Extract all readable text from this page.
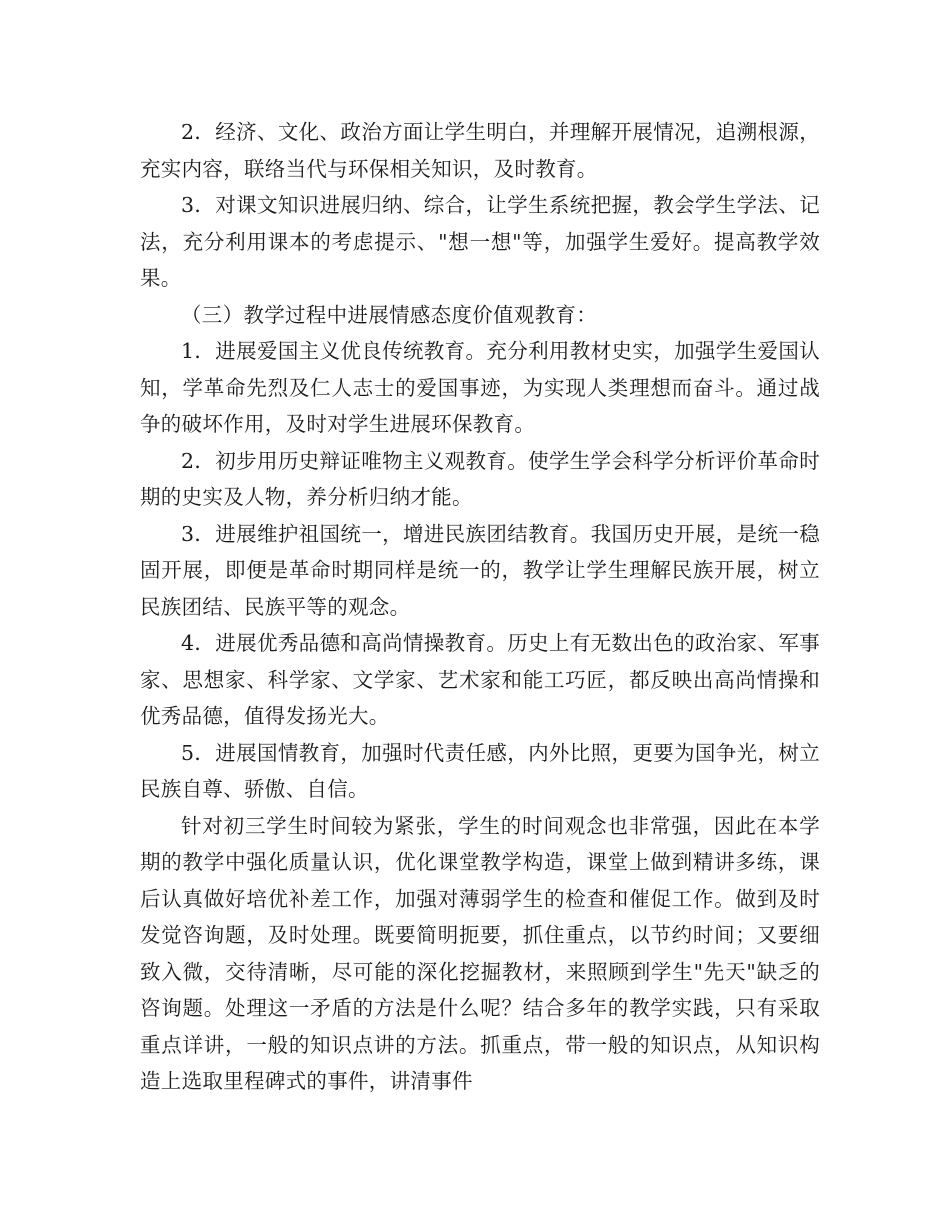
2．经济、文化、政治方面让学生明白，并理解开展情况，追溯根源，充实内容，联络当代与环保相关知识，及时教育。

3．对课文知识进展归纳、综合，让学生系统把握，教会学生学法、记法，充分利用课本的考虑提示、"想一想"等，加强学生爱好。提高教学效果。

（三）教学过程中进展情感态度价值观教育：

1．进展爱国主义优良传统教育。充分利用教材史实，加强学生爱国认知，学革命先烈及仁人志士的爱国事迹，为实现人类理想而奋斗。通过战争的破坏作用，及时对学生进展环保教育。

2．初步用历史辩证唯物主义观教育。使学生学会科学分析评价革命时期的史实及人物，养分析归纳才能。

3．进展维护祖国统一，增进民族团结教育。我国历史开展，是统一稳固开展，即便是革命时期同样是统一的，教学让学生理解民族开展，树立民族团结、民族平等的观念。

4．进展优秀品德和高尚情操教育。历史上有无数出色的政治家、军事家、思想家、科学家、文学家、艺术家和能工巧匠，都反映出高尚情操和优秀品德，值得发扬光大。

5．进展国情教育，加强时代责任感，内外比照，更要为国争光，树立民族自尊、骄傲、自信。

针对初三学生时间较为紧张，学生的时间观念也非常强，因此在本学期的教学中强化质量认识，优化课堂教学构造，课堂上做到精讲多练，课后认真做好培优补差工作，加强对薄弱学生的检查和催促工作。做到及时发觉咨询题，及时处理。既要简明扼要，抓住重点，以节约时间；又要细致入微，交待清晰，尽可能的深化挖掘教材，来照顾到学生"先天"缺乏的咨询题。处理这一矛盾的方法是什么呢？结合多年的教学实践，只有采取重点详讲，一般的知识点讲的方法。抓重点，带一般的知识点，从知识构造上选取里程碑式的事件，讲清事件
